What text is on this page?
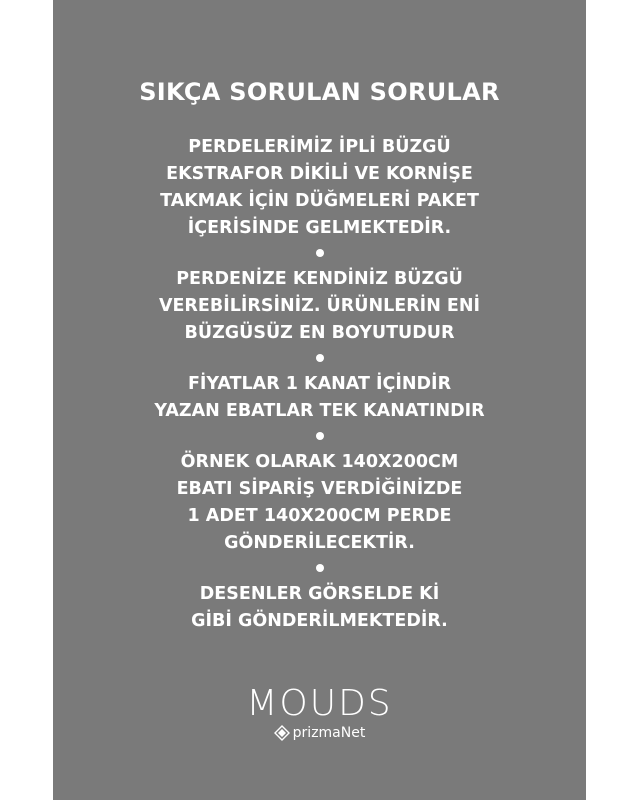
SIKÇA SORULAN SORULAR
PERDELERİMİZ İPLİ BÜZGÜ
EKSTRAFOR DİKİLİ VE KORNİŞE
TAKMAK İÇİN DÜĞMELERİ PAKET
İÇERİSİNDE GELMEKTEDİR.
PERDENİZE KENDİNİZ BÜZGÜ
VEREBİLİRSİNİZ. ÜRÜNLERİN ENİ
BÜZGÜSÜZ EN BOYUTUDUR
FİYATLAR 1 KANAT İÇİNDİR
YAZAN EBATLAR TEK KANATINDIR
ÖRNEK OLARAK 140X200CM
EBATI SİPARİŞ VERDİĞİNİZDE
1 ADET 140X200CM PERDE
GÖNDERİLECEKTİR.
DESENLER GÖRSELDE Kİ
GİBİ GÖNDERİLMEKTEDİR.
MOUDS
prizmaNet
